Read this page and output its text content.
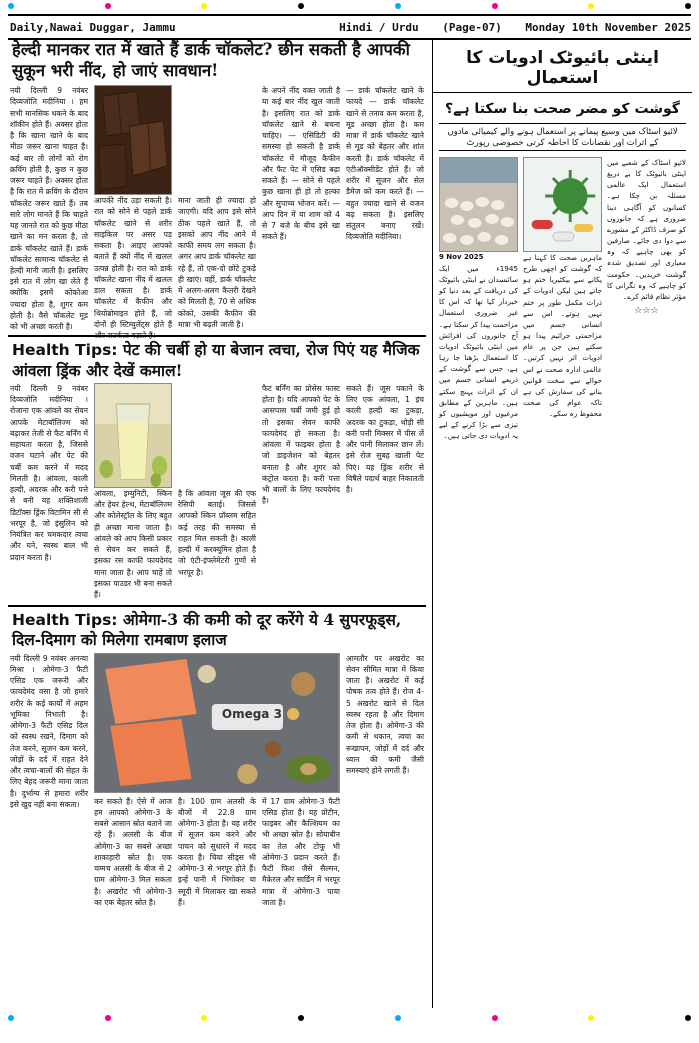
Daily,Nawai Duggar, Jammu	Hindi / Urdu (Page-07) Monday 10th November 2025
हेल्दी मानकर रात में खाते हैं डार्क चॉकलेट? छीन सकती है आपकी सुकून भरी नींद, हो जाएं सावधान!

नयी दिल्ली 9 नवंबर दिव्यजोति मदीनिया । हम सभी मानसिक थकने के बाद शॉकीन होते हैं। अक्सर होता है कि खाना खाने के बाद मीठा जरूर खाना चाहत है। कई बार तो लोगों को रोग क्रविंग होती है, कुछ न कुछ जरूर चाहते हैं। अक्सर होता है कि रात में क्रविंग के दौरान चॉकलेट जरूर खाते हैं। तब सारे लोग मानते हैं कि चाहते यह जानते रात को कुछ मीठा खाने का मन करता है, तो डार्क चॉकलेट खाते हैं। डार्क चॉकलेट सामान्य चॉकलेट से हेल्दी मानी जाती है। इसलिए इसे रात में लोग खा लेते हैं क्योंकि इसमें कोकोआ ज्यादा होता है, शुगर कम होती है। वैसे चॉकलेट मूड को भी अच्छा करती है।

आपकी नींद उड़ा सकती है। रात को सोने से पहले डार्क चॉकलेट खाने से शरीर साइकिल पर असर पड़ सकता है। आइए आपको बताते हैं क्यों नींद में खलल उत्पन्न होती है। रात को डार्क चॉकलेट खाना नींद में खलल डाल सकता है। डार्क चॉकलेट में कैफीन और थियोब्रोमाइन होते हैं, जो दोनों ही स्टिम्युलेंट्स होते हैं और सतर्कता बढ़ाते हैं।

माना जाती ही ज्यादा हो जाएगी। यदि आप इसे सोने ठीक पहले खाते हैं, तो इसको आप नींद आने में काफी समय लग सकता है। अगर आप डार्क चॉकलेट खा रहे हैं, तो एक-दो छोटे टुकड़े ही खाएं। वहीं, डार्क चॉकलेट में अलग-अलग कैलरी देखने को मिलती है, 70 से अधिक कोको, उसकी कैफीन की मात्रा भी बढ़ती जाती है।

के अपने नींद वक्त जाती है या कई बार नींद खुल जाती है। इसलिए रात को डार्क चॉकलेट खाने से बचना चाहिए। — एसिडिटी की समस्या हो सकती है डार्क चॉकलेट में मौजूद कैफीन और फैट पेट में एसिड बढ़ा सकते हैं। — सोने से पहले कुछ खाना ही हो तो हल्का और सुपाच्य भोजन करें। — आप दिन में या शाम को 4 से 7 बजे के बीच इसे खा सकते हैं।

— डार्क चॉकलेट खाने के फायदे — डार्क चॉकलेट खाने से तनाव कम करता है, मूड अच्छा होता है। कम मात्रा में डार्क चॉकलेट खाने से मूड को बेहतर और शांत करती है। डार्क चॉकलेट में एंटीऑक्सीडेंट होते हैं। जो शरीर में सूजन और सेल डैमेज को कम करते हैं। — बहुत ज्यादा खाने से वजन बढ़ सकता है। इसलिए संतुलन बनाए रखें। दिव्यजोति मदीनिया।

Health Tips: पेट की चर्बी हो या बेजान त्वचा, रोज पिएं यह मैजिक आंवला ड्रिंक और देखें कमाल!

नयी दिल्ली 9 नवंबर दिव्यजोति मदीनिया । रोजाना एक आंवले का सेवन आपके मेटाबॉलिज्म को बढ़ाकर तेजी से फैट बर्निंग में सहायता करता है, जिससे वजन घटाने और पेट की चर्बी कम करने में मदद मिलती है। आंवला, काली हल्दी, अदरक और करी पत्ते से बनी यह शक्तिशाली डिटॉक्स ड्रिंक विटामिन सी से भरपूर है, जो इंसुलिन को नियंत्रित कर चमकदार त्वचा और घने, स्वस्थ बाल भी प्रदान करता है।

आंवला, इम्युनिटी, स्किन और हेयर हेल्थ, मेटाबॉलिज्म और कोलेस्ट्रॉल के लिए बहुत ही अच्छा माना जाता है। आंवले को आप किसी प्रकार से सेवन कर सकते हैं, इसका रस काफी फायदेमंद माना जाता है। आप चाहें तो इसका पाउडर भी बना सकते हैं।

है कि आंवला जूस की एक रेसिपी बताई। जिससे आपको स्किन प्रॉब्लम सहित कई तरह की समस्या से राहत मिल सकती है। काली हल्दी में करक्यूमिन होता है जो एंटी-इंफ्लेमेटरी गुणों से भरपूर है।

फैट बर्निंग का प्रोसेस फास्ट होता है। यदि आपको पेट के आसपास चर्बी जमी हुई हो तो इसका सेवन काफी फायदेमंद हो सकता है। आंवला में फाइबर होता है जो डाइजेशन को बेहतर बनाता है और शुगर को कंट्रोल करता है। करी पत्ता भी बालों के लिए फायदेमंद है।

सकते हैं। जूस पकाने के लिए एक आंवला, 1 इंच काली हल्दी का टुकड़ा, अदरक का टुकड़ा, थोड़ी सी करी पत्ती मिक्सर में पीस लें और पानी मिलाकर छान लें। इसे रोज सुबह खाली पेट पिएं। यह ड्रिंक शरीर से विषैले पदार्थ बाहर निकालती है।

Health Tips: ओमेगा-3 की कमी को दूर करेंगे ये 4 सुपरफूड्स, दिल-दिमाग को मिलेगा रामबाण इलाज

नयी दिल्ली 9 नवंबर अनन्या मिश्रा । ओमेगा-3 फैटी एसिड एक जरूरी और फायदेमंद वसा है जो हमारे शरीर के कई कार्यों में अहम भूमिका निभाती है। ओमेगा-3 फैटी एसिड दिल को स्वस्थ रखने, दिमाग को तेज करने, सूजन कम करने, जोड़ों के दर्द में राहत देने और त्वचा-बालों की सेहत के लिए बेहद जरूरी माना जाता है। दुर्भाग्य से हमारा शरीर इसे खुद नहीं बना सकता।

Omega 3

कर सकते हैं। ऐसे में आज हम आपको ओमेगा-3 के सबसे आसान स्रोत बताने जा रहे हैं। अलसी के बीज ओमेगा-3 का सबसे अच्छा शाकाहारी स्रोत है। एक चम्मच अलसी के बीज से 2 ग्राम ओमेगा-3 मिल सकता है। अखरोट भी ओमेगा-3 का एक बेहतर स्रोत है।

है। 100 ग्राम अलसी के बीजों में 22.8 ग्राम ओमेगा-3 होता है। यह शरीर में सूजन कम करने और पाचन को सुधारने में मदद करता है। चिया सीड्स भी ओमेगा-3 से भरपूर होते हैं। इन्हें पानी में भिगोकर या स्मूदी में मिलाकर खा सकते हैं।

में 17 ग्राम ओमेगा-3 फैटी एसिड होता है। यह प्रोटीन, फाइबर और कैल्शियम का भी अच्छा स्रोत है। सोयाबीन का तेल और टोफू भी ओमेगा-3 प्रदान करते हैं। फैटी फिश जैसे सैल्मन, मैकेरल और सार्डिन में भरपूर मात्रा में ओमेगा-3 पाया जाता है।

आमतौर पर अखरोट का सेवन सीमित मात्रा में किया जाता है। अखरोट में कई पोषक तत्व होते हैं। रोज 4-5 अखरोट खाने से दिल स्वस्थ रहता है और दिमाग तेज होता है। ओमेगा-3 की कमी से थकान, त्वचा का रूखापन, जोड़ों में दर्द और ध्यान की कमी जैसी समस्याएं होने लगती हैं।

اینٹی بائیوٹک ادویات کا استعمال
گوشت کو مضر صحت بنا سکتا ہے؟
لائیو اسٹاک میں وسیع پیمانے پر استعمال ہونے والے کیمیائی مادوں کے اثرات اور نقصانات کا احاطہ کرتی خصوصی رپورٹ
9 Nov 2025

1945ء میں ایک سائنسدان نے اینٹی بائیوٹک کی دریافت کے بعد دنیا کو خبردار کیا تھا کہ اس کا غیر ضروری استعمال مزاحمت پیدا کر سکتا ہے۔ آج جانوروں کی افزائش میں اینٹی بائیوٹک ادویات کا استعمال بڑھتا جا رہا ہے، جس سے گوشت کے ذریعے انسانی جسم میں ان کے اثرات پہنچ سکتے ہیں۔ ماہرین کے مطابق مرغیوں اور مویشیوں کو تیزی سے بڑا کرنے کے لیے یہ ادویات دی جاتی ہیں۔

ماہرین صحت کا کہنا ہے کہ گوشت کو اچھی طرح پکانے سے بیکٹیریا ختم ہو جاتے ہیں لیکن ادویات کے ذرات مکمل طور پر ختم نہیں ہوتے۔ اس سے انسانی جسم میں مزاحمتی جراثیم پیدا ہو سکتے ہیں جن پر عام ادویات اثر نہیں کرتیں۔ عالمی ادارہ صحت نے اس حوالے سے سخت قوانین بنانے کی سفارش کی ہے تاکہ عوام کی صحت محفوظ رہ سکے۔

لائیو اسٹاک کے شعبے میں اینٹی بائیوٹک کا بے دریغ استعمال ایک عالمی مسئلہ بن چکا ہے۔ کسانوں کو آگاہی دینا ضروری ہے کہ جانوروں کو صرف ڈاکٹر کے مشورے سے دوا دی جائے۔ صارفین کو بھی چاہیے کہ وہ معیاری اور تصدیق شدہ گوشت خریدیں۔ حکومت کو چاہیے کہ وہ نگرانی کا مؤثر نظام قائم کرے۔

☆☆☆
